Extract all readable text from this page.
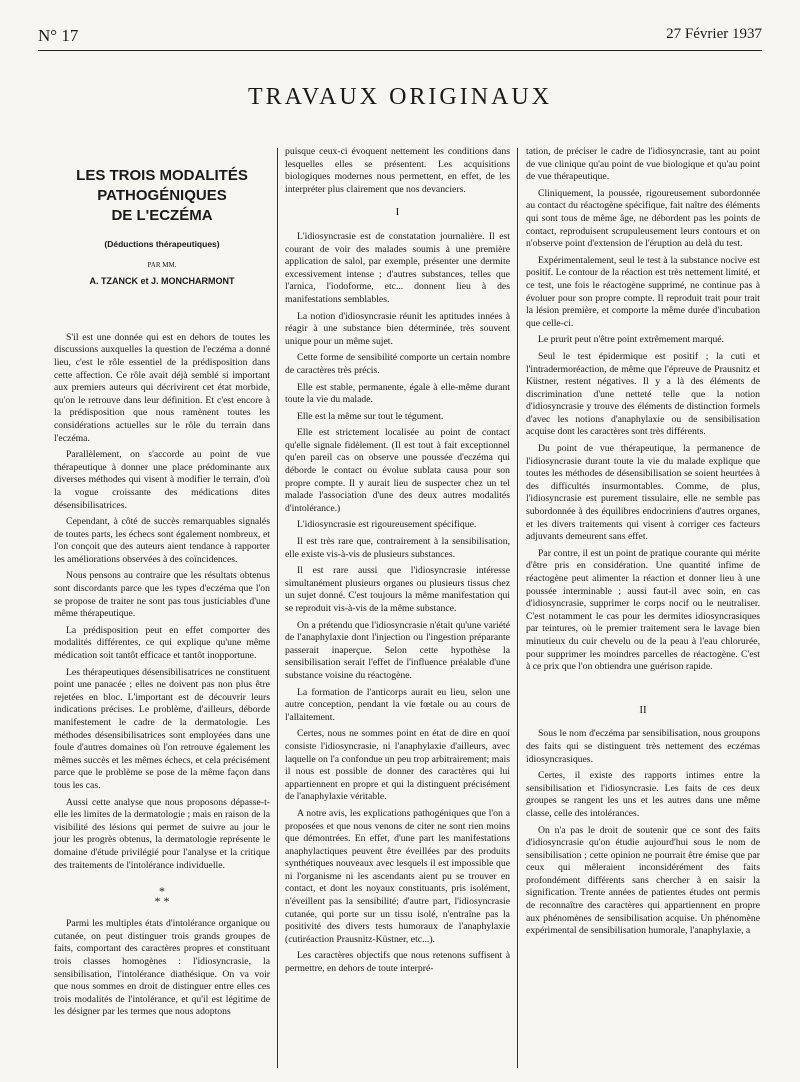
N° 17	27 Février 1937
TRAVAUX ORIGINAUX
LES TROIS MODALITÉS
PATHOGÉNIQUES
DE L'ECZÉMA
(Déductions thérapeutiques)
PAR MM.
A. TZANCK et J. MONCHARMONT

S'il est une donnée qui est en dehors de toutes les discussions auxquelles la question de l'eczéma a donné lieu, c'est le rôle essentiel de la prédisposition dans cette affection. Ce rôle avait déjà semblé si important aux premiers auteurs qui décrivirent cet état morbide, qu'on le retrouve dans leur définition. Et c'est encore à la prédisposition que nous ramènent toutes les considérations actuelles sur le rôle du terrain dans l'eczéma.

Parallèlement, on s'accorde au point de vue thérapeutique à donner une place prédominante aux diverses méthodes qui visent à modifier le terrain, d'où la vogue croissante des médications dites désensibilisatrices.

Cependant, à côté de succès remarquables signalés de toutes parts, les échecs sont également nombreux, et l'on conçoit que des auteurs aient tendance à rapporter les améliorations observées à des coïncidences.

Nous pensons au contraire que les résultats obtenus sont discordants parce que les types d'eczéma que l'on se propose de traiter ne sont pas tous justiciables d'une même thérapeutique.

La prédisposition peut en effet comporter des modalités différentes, ce qui explique qu'une même médication soit tantôt efficace et tantôt inopportune.

Les thérapeutiques désensibilisatrices ne constituent point une panacée ; elles ne doivent pas non plus être rejetées en bloc. L'important est de découvrir leurs indications précises. Le problème, d'ailleurs, déborde manifestement le cadre de la dermatologie. Les méthodes désensibilisatrices sont employées dans une foule d'autres domaines où l'on retrouve également les mêmes succès et les mêmes échecs, et cela précisément parce que le problème se pose de la même façon dans tous les cas.

Aussi cette analyse que nous proposons dépasse-t-elle les limites de la dermatologie ; mais en raison de la visibilité des lésions qui permet de suivre au jour le jour les progrès obtenus, la dermatologie représente le domaine d'étude privilégié pour l'analyse et la critique des traitements de l'intolérance individuelle.

*
* *

Parmi les multiples états d'intolérance organique ou cutanée, on peut distinguer trois grands groupes de faits, comportant des caractères propres et constituant trois classes homogènes : l'idiosyncrasie, la sensibilisation, l'intolérance diathésique. On va voir que nous sommes en droit de distinguer entre elles ces trois modalités de l'intolérance, et qu'il est légitime de les désigner par les termes que nous adoptons

puisque ceux-ci évoquent nettement les conditions dans lesquelles elles se présentent. Les acquisitions biologiques modernes nous permettent, en effet, de les interpréter plus clairement que nos devanciers.

I

L'idiosyncrasie est de constatation journalière. Il est courant de voir des malades soumis à une première application de salol, par exemple, présenter une dermite excessivement intense ; d'autres substances, telles que l'arnica, l'iodoforme, etc... donnent lieu à des manifestations semblables.

La notion d'idiosyncrasie réunit les aptitudes innées à réagir à une substance bien déterminée, très souvent unique pour un même sujet.

Cette forme de sensibilité comporte un certain nombre de caractères très précis.

Elle est stable, permanente, égale à elle-même durant toute la vie du malade.

Elle est la même sur tout le tégument.

Elle est strictement localisée au point de contact qu'elle signale fidèlement. (Il est tout à fait exceptionnel qu'en pareil cas on observe une poussée d'eczéma qui déborde le contact ou évolue sublata causa pour son propre compte. Il y aurait lieu de suspecter chez un tel malade l'association d'une des deux autres modalités d'intolérance.)

L'idiosyncrasie est rigoureusement spécifique.

Il est très rare que, contrairement à la sensibilisation, elle existe vis-à-vis de plusieurs substances.

Il est rare aussi que l'idiosyncrasie intéresse simultanément plusieurs organes ou plusieurs tissus chez un sujet donné. C'est toujours la même manifestation qui se reproduit vis-à-vis de la même substance.

On a prétendu que l'idiosyncrasie n'était qu'une variété de l'anaphylaxie dont l'injection ou l'ingestion préparante passerait inaperçue. Selon cette hypothèse la sensibilisation serait l'effet de l'influence préalable d'une substance voisine du réactogène.

La formation de l'anticorps aurait eu lieu, selon une autre conception, pendant la vie fœtale ou au cours de l'allaitement.

Certes, nous ne sommes point en état de dire en quoi consiste l'idiosyncrasie, ni l'anaphylaxie d'ailleurs, avec laquelle on l'a confondue un peu trop arbitrairement; mais il nous est possible de donner des caractères qui lui appartiennent en propre et qui la distinguent précisément de l'anaphylaxie véritable.

A notre avis, les explications pathogéniques que l'on a proposées et que nous venons de citer ne sont rien moins que démontrées. En effet, d'une part les manifestations anaphylactiques peuvent être éveillées par des produits synthétiques nouveaux avec lesquels il est impossible que ni l'organisme ni les ascendants aient pu se trouver en contact, et dont les noyaux constituants, pris isolément, n'éveillent pas la sensibilité; d'autre part, l'idiosyncrasie cutanée, qui porte sur un tissu isolé, n'entraîne pas la positivité des divers tests humoraux de l'anaphylaxie (cutiréaction Prausnitz-Küstner, etc...).

Les caractères objectifs que nous retenons suffisent à permettre, en dehors de toute interpré-

tation, de préciser le cadre de l'idiosyncrasie, tant au point de vue clinique qu'au point de vue biologique et qu'au point de vue thérapeutique.

Cliniquement, la poussée, rigoureusement subordonnée au contact du réactogène spécifique, fait naître des éléments qui sont tous de même âge, ne débordent pas les points de contact, reproduisent scrupuleusement leurs contours et on n'observe point d'extension de l'éruption au delà du test.

Expérimentalement, seul le test à la substance nocive est positif. Le contour de la réaction est très nettement limité, et ce test, une fois le réactogène supprimé, ne continue pas à évoluer pour son propre compte. Il reproduit trait pour trait la lésion première, et comporte la même durée d'incubation que celle-ci.

Le prurit peut n'être point extrêmement marqué.

Seul le test épidermique est positif ; la cuti et l'intradermoréaction, de même que l'épreuve de Prausnitz et Küstner, restent négatives. Il y a là des éléments de discrimination d'une netteté telle que la notion d'idiosyncrasie y trouve des éléments de distinction formels d'avec les notions d'anaphylaxie ou de sensibilisation acquise dont les caractères sont très différents.

Du point de vue thérapeutique, la permanence de l'idiosyncrasie durant toute la vie du malade explique que toutes les méthodes de désensibilisation se soient heurtées à des difficultés insurmontables. Comme, de plus, l'idiosyncrasie est purement tissulaire, elle ne semble pas subordonnée à des équilibres endocriniens d'autres organes, et les divers traitements qui visent à corriger ces facteurs adjuvants demeurent sans effet.

Par contre, il est un point de pratique courante qui mérite d'être pris en considération. Une quantité infime de réactogène peut alimenter la réaction et donner lieu à une poussée interminable ; aussi faut-il avec soin, en cas d'idiosyncrasie, supprimer le corps nocif ou le neutraliser. C'est notamment le cas pour les dermites idiosyncrasiques par teintures, où le premier traitement sera le lavage bien minutieux du cuir chevelu ou de la peau à l'eau chlorurée, pour supprimer les moindres parcelles de réactogène. C'est à ce prix que l'on obtiendra une guérison rapide.

II

Sous le nom d'eczéma par sensibilisation, nous groupons des faits qui se distinguent très nettement des eczémas idiosyncrasiques.

Certes, il existe des rapports intimes entre la sensibilisation et l'idiosyncrasie. Les faits de ces deux groupes se rangent les uns et les autres dans une même classe, celle des intolérances.

On n'a pas le droit de soutenir que ce sont des faits d'idiosyncrasie qu'on étudie aujourd'hui sous le nom de sensibilisation ; cette opinion ne pourrait être émise que par ceux qui mêleraient inconsidérément des faits profondément différents sans chercher à en saisir la signification. Trente années de patientes études ont permis de reconnaître des caractères qui appartiennent en propre aux phénomènes de sensibilisation acquise. Un phénomène expérimental de sensibilisation humorale, l'anaphylaxie, a
